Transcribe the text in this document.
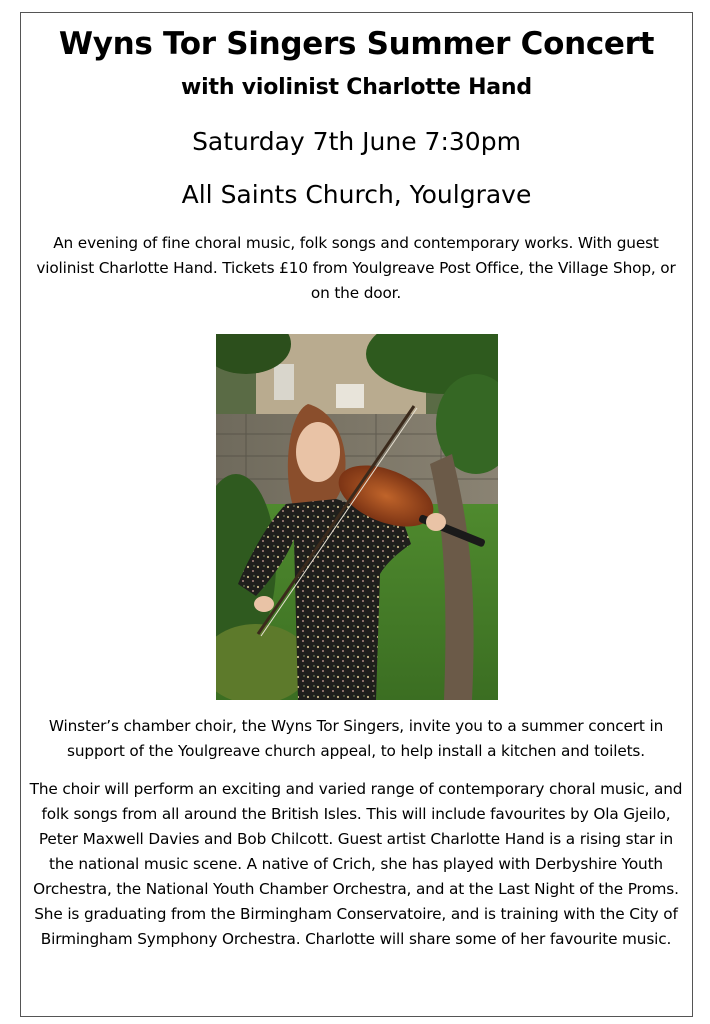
Wyns Tor Singers Summer Concert
with violinist Charlotte Hand
Saturday 7th June 7:30pm
All Saints Church, Youlgrave
An evening of fine choral music, folk songs and contemporary works. With guest violinist Charlotte Hand. Tickets £10 from Youlgreave Post Office, the Village Shop, or on the door.
Winster’s chamber choir, the Wyns Tor Singers, invite you to a summer concert in support of the Youlgreave church appeal, to help install a kitchen and toilets.
The choir will perform an exciting and varied range of contemporary choral music, and folk songs from all around the British Isles. This will include favourites by Ola Gjeilo, Peter Maxwell Davies and Bob Chilcott. Guest artist Charlotte Hand is a rising star in the national music scene. A native of Crich, she has played with Derbyshire Youth Orchestra, the National Youth Chamber Orchestra, and at the Last Night of the Proms. She is graduating from the Birmingham Conservatoire, and is training with the City of Birmingham Symphony Orchestra. Charlotte will share some of her favourite music.
